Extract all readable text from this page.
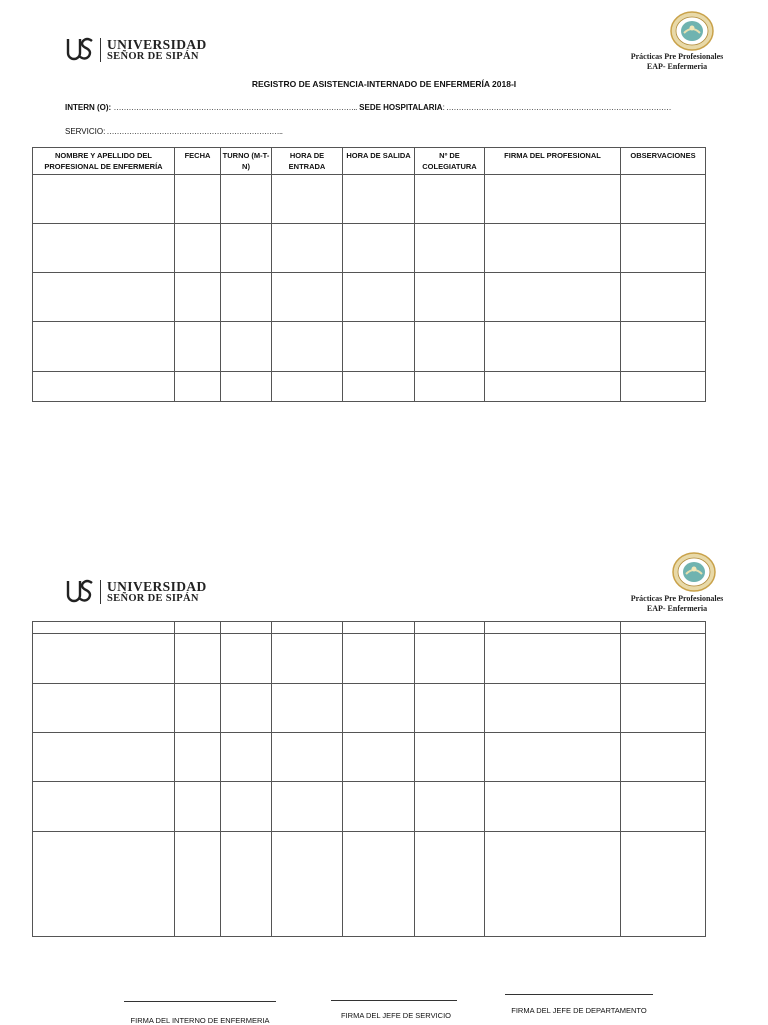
UNIVERSIDAD
SEÑOR DE SIPÁN	Prácticas Pre Profesionales
EAP- Enfermeria
REGISTRO DE ASISTENCIA-INTERNADO DE ENFERMERÍA 2018-I
INTERN (O): …………………………………………………………………………………….. SEDE HOSPITALARIA: ………………………………………………………………………………
SERVICIO: ……………………………………………………………..
NOMBRE Y APELLIDO DEL PROFESIONAL DE ENFERMERÍA	FECHA	TURNO (M-T-N)	HORA DE ENTRADA	HORA DE SALIDA	Nº DE COLEGIATURA	FIRMA DEL PROFESIONAL	OBSERVACIONES

UNIVERSIDAD
SEÑOR DE SIPÁN	Prácticas Pre Profesionales
EAP- Enfermeria

FIRMA DEL INTERNO DE ENFERMERIA
FIRMA DEL JEFE DE SERVICIO
FIRMA DEL JEFE DE DEPARTAMENTO
